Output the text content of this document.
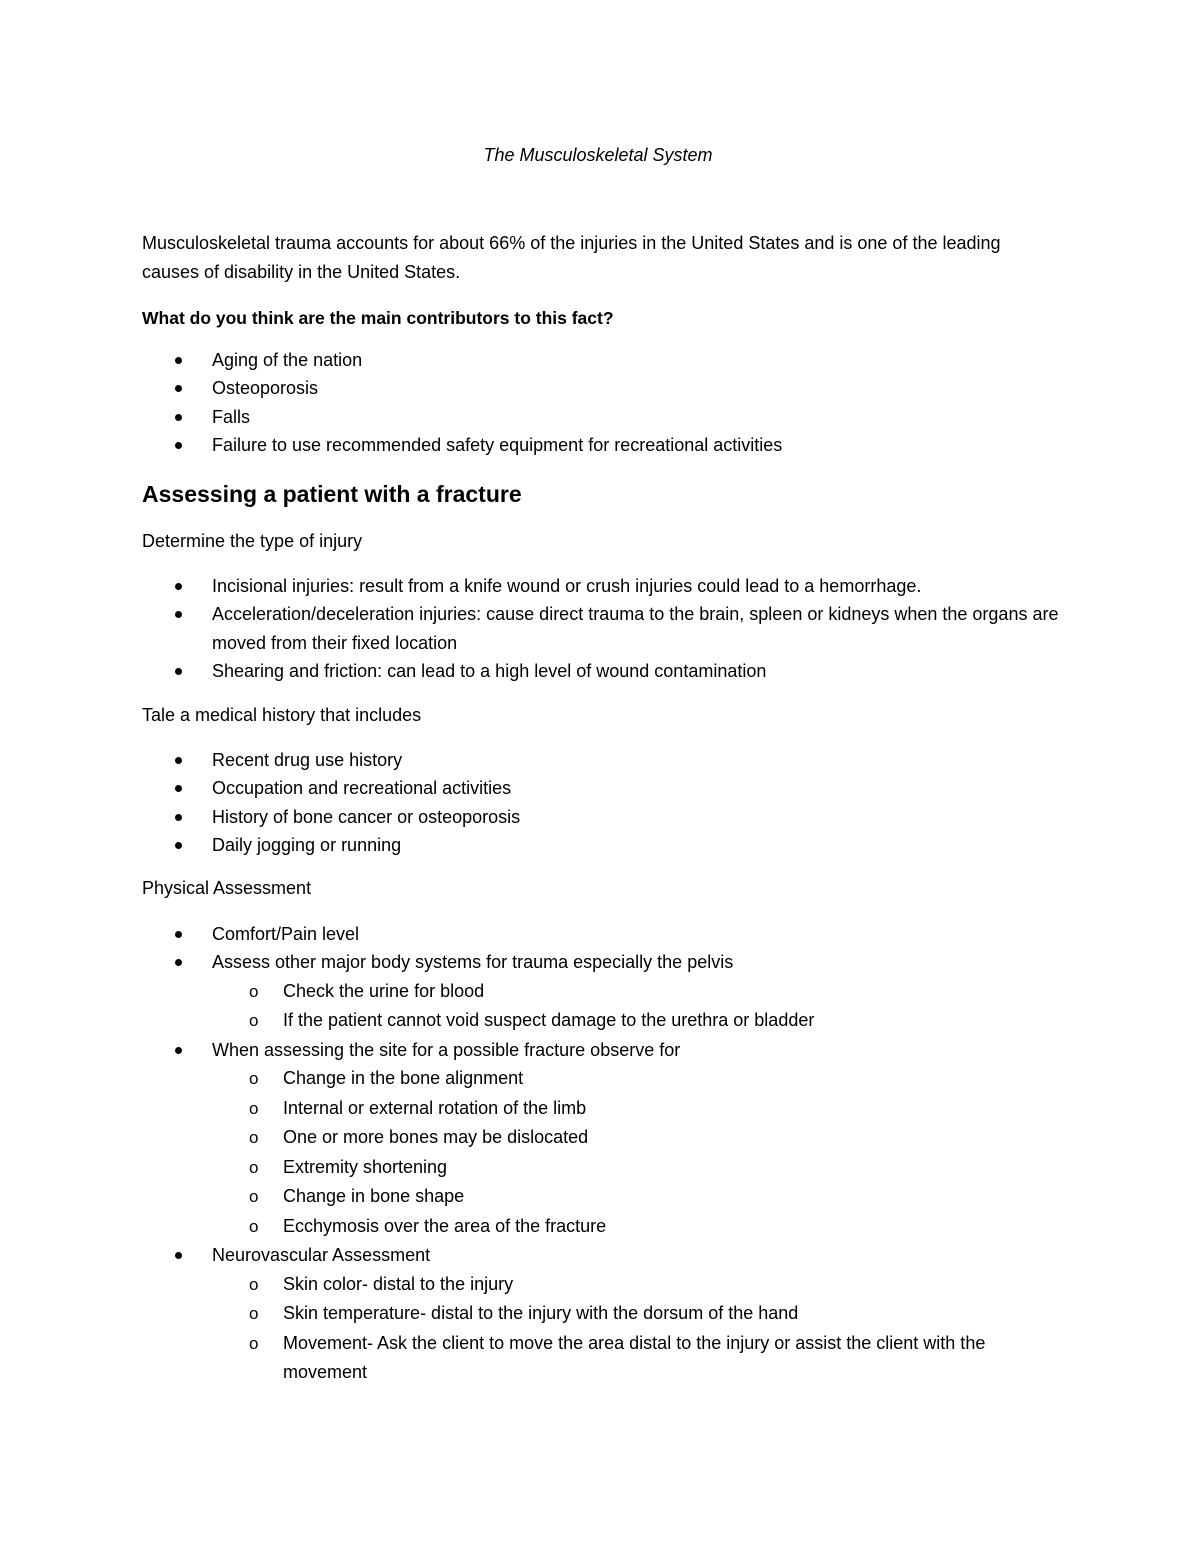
The Musculoskeletal System

Musculoskeletal trauma accounts for about 66% of the injuries in the United States and is one of the leading causes of disability in the United States.

What do you think are the main contributors to this fact?

Aging of the nation
Osteoporosis
Falls
Failure to use recommended safety equipment for recreational activities
Assessing a patient with a fracture

Determine the type of injury

Incisional injuries: result from a knife wound or crush injuries could lead to a hemorrhage.
Acceleration/deceleration injuries: cause direct trauma to the brain, spleen or kidneys when the organs are moved from their fixed location
Shearing and friction: can lead to a high level of wound contamination

Tale a medical history that includes

Recent drug use history
Occupation and recreational activities
History of bone cancer or osteoporosis
Daily jogging or running

Physical Assessment

Comfort/Pain level
Assess other major body systems for trauma especially the pelvis
o Check the urine for blood
o If the patient cannot void suspect damage to the urethra or bladder
When assessing the site for a possible fracture observe for
o Change in the bone alignment
o Internal or external rotation of the limb
o One or more bones may be dislocated
o Extremity shortening
o Change in bone shape
o Ecchymosis over the area of the fracture
Neurovascular Assessment
o Skin color- distal to the injury
o Skin temperature- distal to the injury with the dorsum of the hand
o Movement- Ask the client to move the area distal to the injury or assist the client with the movement
